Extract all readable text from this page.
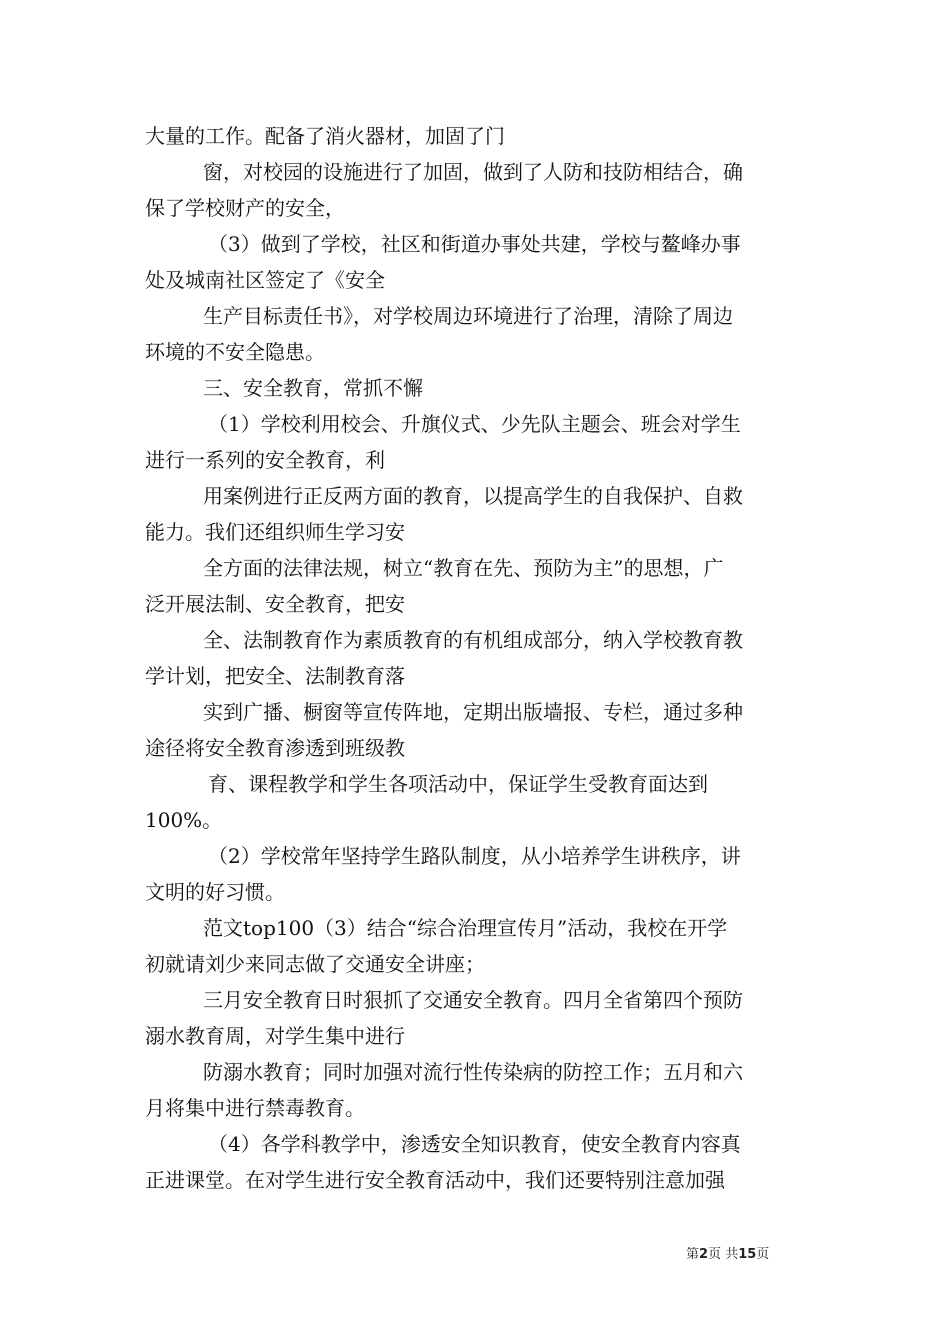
大量的工作。配备了消火器材，加固了门
窗，对校园的设施进行了加固，做到了人防和技防相结合，确
保了学校财产的安全，
（3）做到了学校，社区和街道办事处共建，学校与鳌峰办事
处及城南社区签定了《安全
生产目标责任书》，对学校周边环境进行了治理，清除了周边
环境的不安全隐患。
三、安全教育，常抓不懈
（1）学校利用校会、升旗仪式、少先队主题会、班会对学生
进行一系列的安全教育，利
用案例进行正反两方面的教育，以提高学生的自我保护、自救
能力。我们还组织师生学习安
全方面的法律法规，树立“教育在先、预防为主”的思想，广
泛开展法制、安全教育，把安
全、法制教育作为素质教育的有机组成部分，纳入学校教育教
学计划，把安全、法制教育落
实到广播、橱窗等宣传阵地，定期出版墙报、专栏，通过多种
途径将安全教育渗透到班级教
育、课程教学和学生各项活动中，保证学生受教育面达到
100%。
（2）学校常年坚持学生路队制度，从小培养学生讲秩序，讲
文明的好习惯。
范文top100（3）结合“综合治理宣传月”活动，我校在开学
初就请刘少来同志做了交通安全讲座；
三月安全教育日时狠抓了交通安全教育。四月全省第四个预防
溺水教育周，对学生集中进行
防溺水教育；同时加强对流行性传染病的防控工作；五月和六
月将集中进行禁毒教育。
（4）各学科教学中，渗透安全知识教育，使安全教育内容真
正进课堂。在对学生进行安全教育活动中，我们还要特别注意加强
第2页 共15页
